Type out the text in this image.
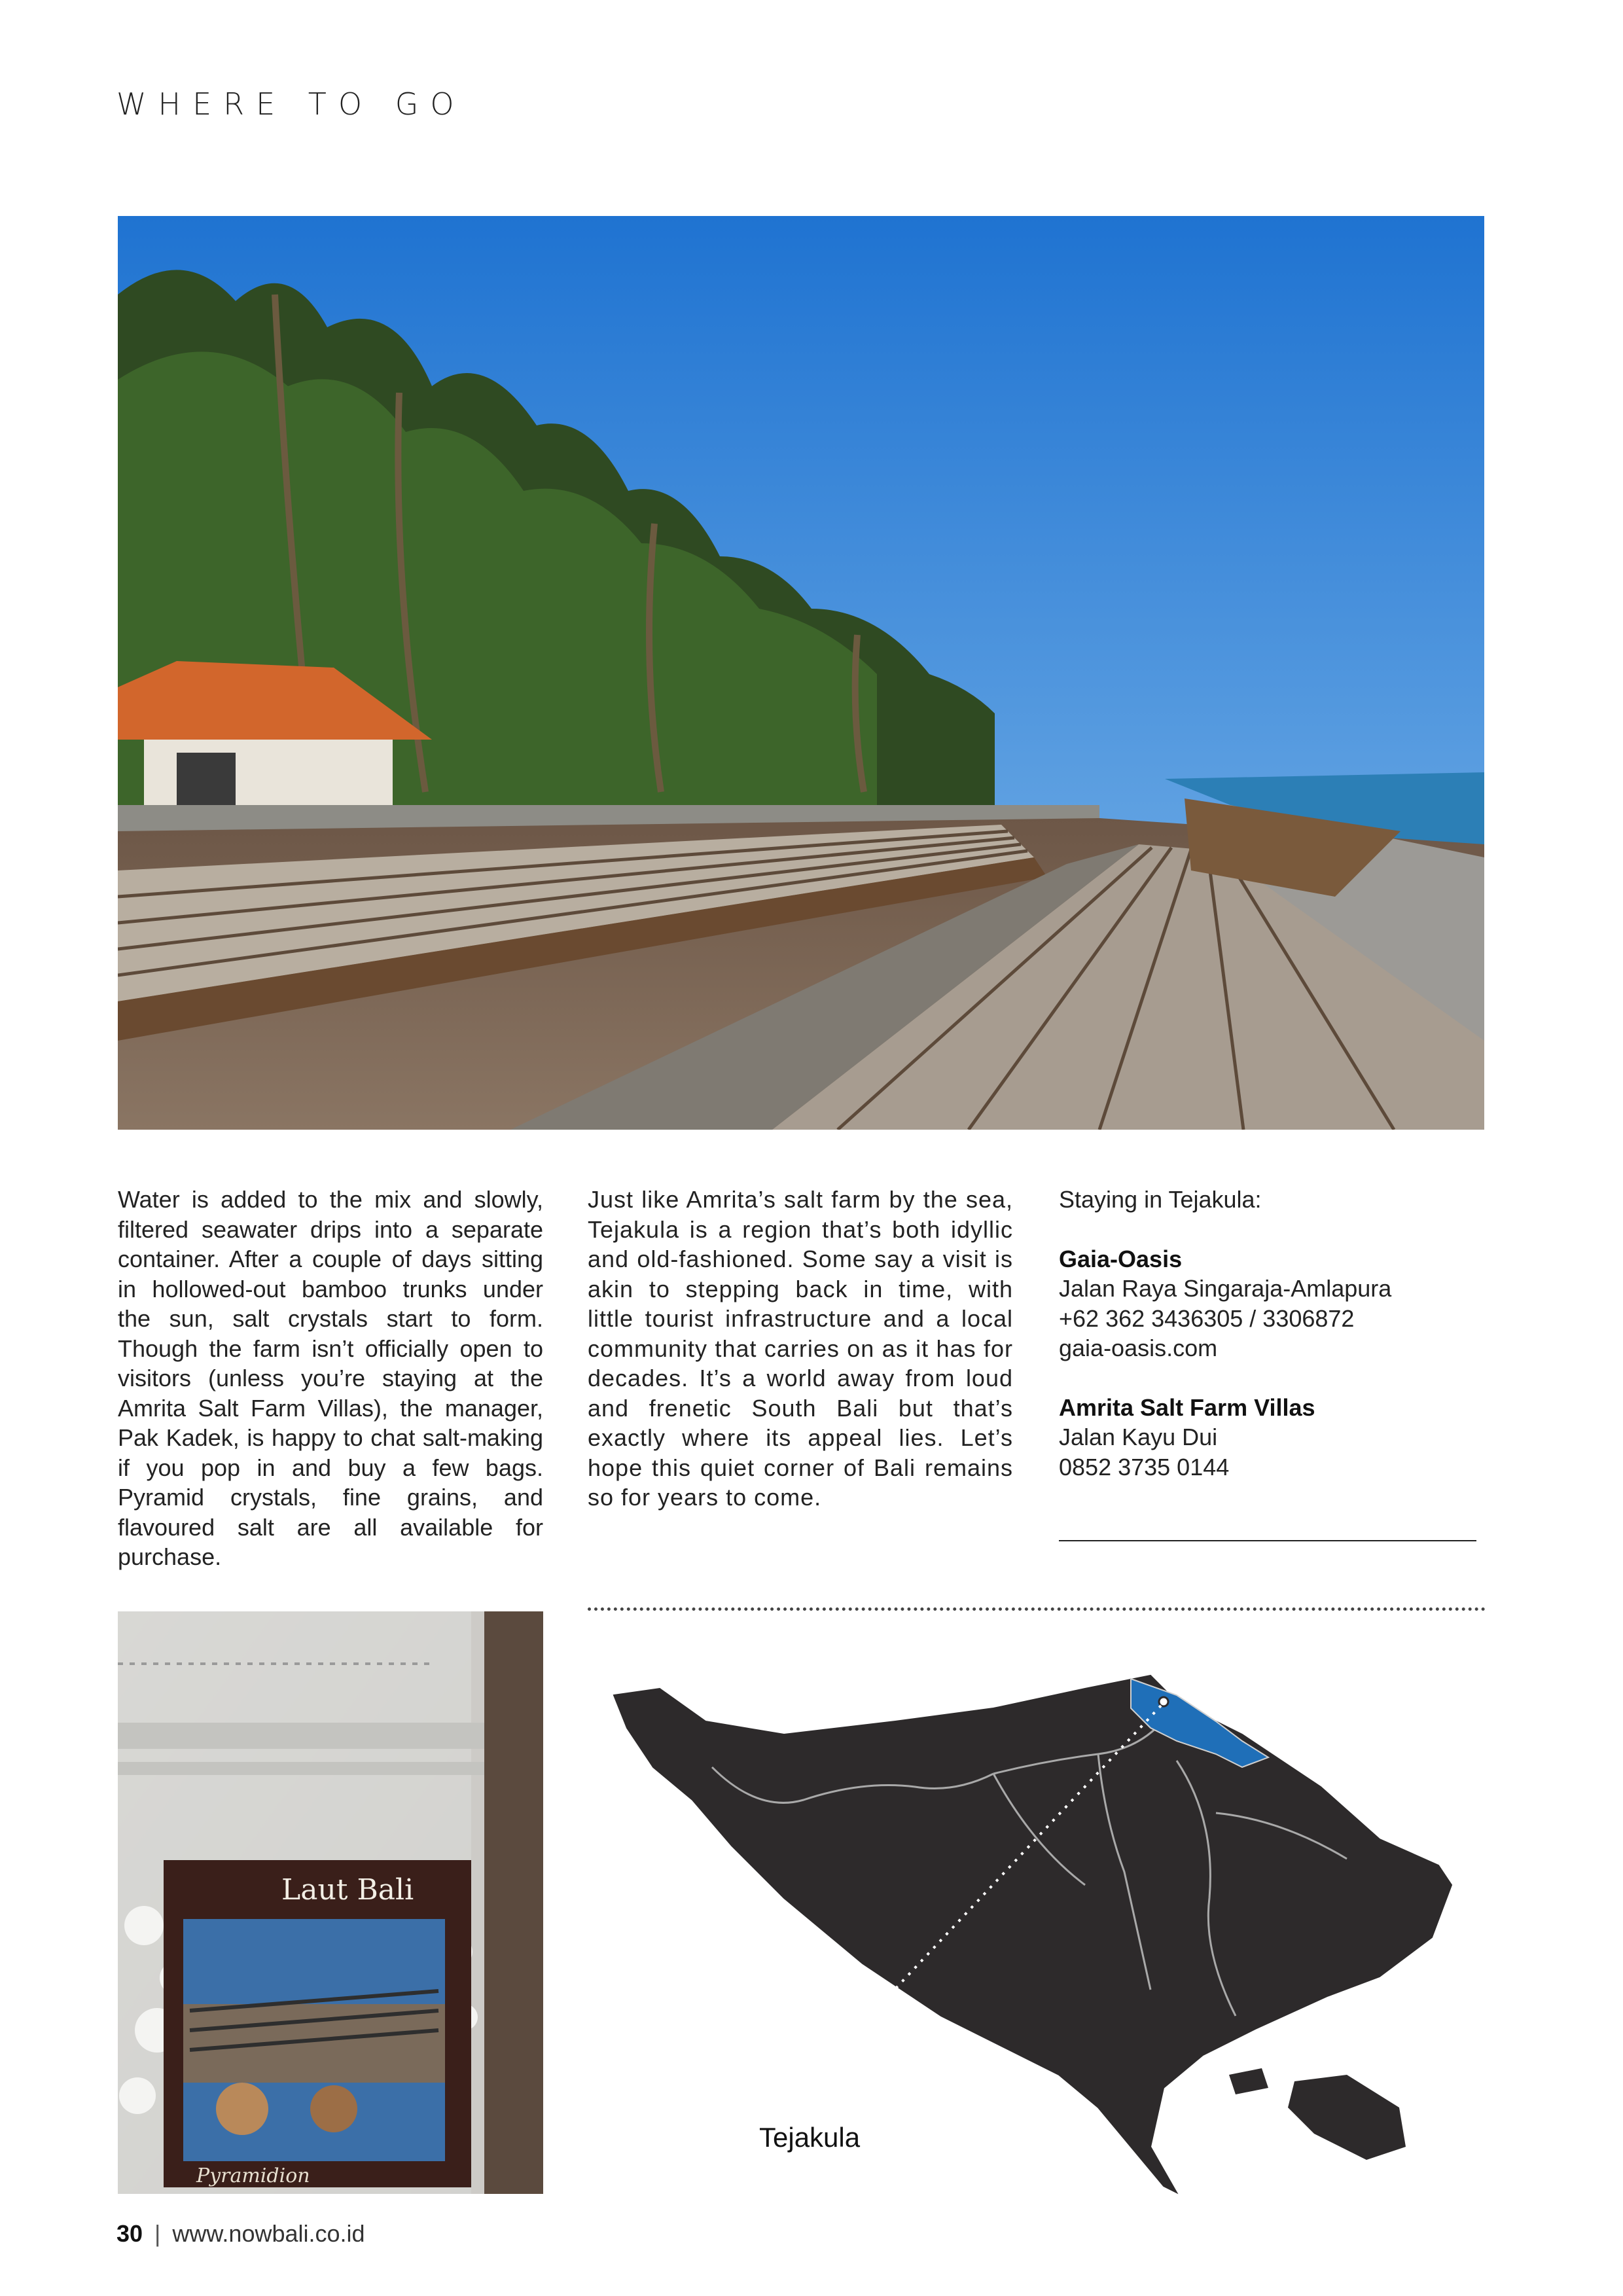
WHERE TO GO

Water is added to the mix and slowly, filtered seawater drips into a separate container. After a couple of days sitting in hollowed-out bamboo trunks under the sun, salt crystals start to form. Though the farm isn’t officially open to visitors (unless you’re staying at the Amrita Salt Farm Villas), the manager, Pak Kadek, is happy to chat salt-making if you pop in and buy a few bags. Pyramid crystals, fine grains, and flavoured salt are all available for purchase.

Just like Amrita’s salt farm by the sea, Tejakula is a region that’s both idyllic and old-fashioned. Some say a visit is akin to stepping back in time, with little tourist infrastructure and a local community that carries on as it has for decades. It’s a world away from loud and frenetic South Bali but that’s exactly where its appeal lies. Let’s hope this quiet corner of Bali remains so for years to come.

Staying in Tejakula:
Gaia-Oasis
Jalan Raya Singaraja-Amlapura
+62 362 3436305 / 3306872
gaia-oasis.com
Amrita Salt Farm Villas
Jalan Kayu Dui
0852 3735 0144
Laut Bali
Pyramidion
Tejakula
30 | www.nowbali.co.id
